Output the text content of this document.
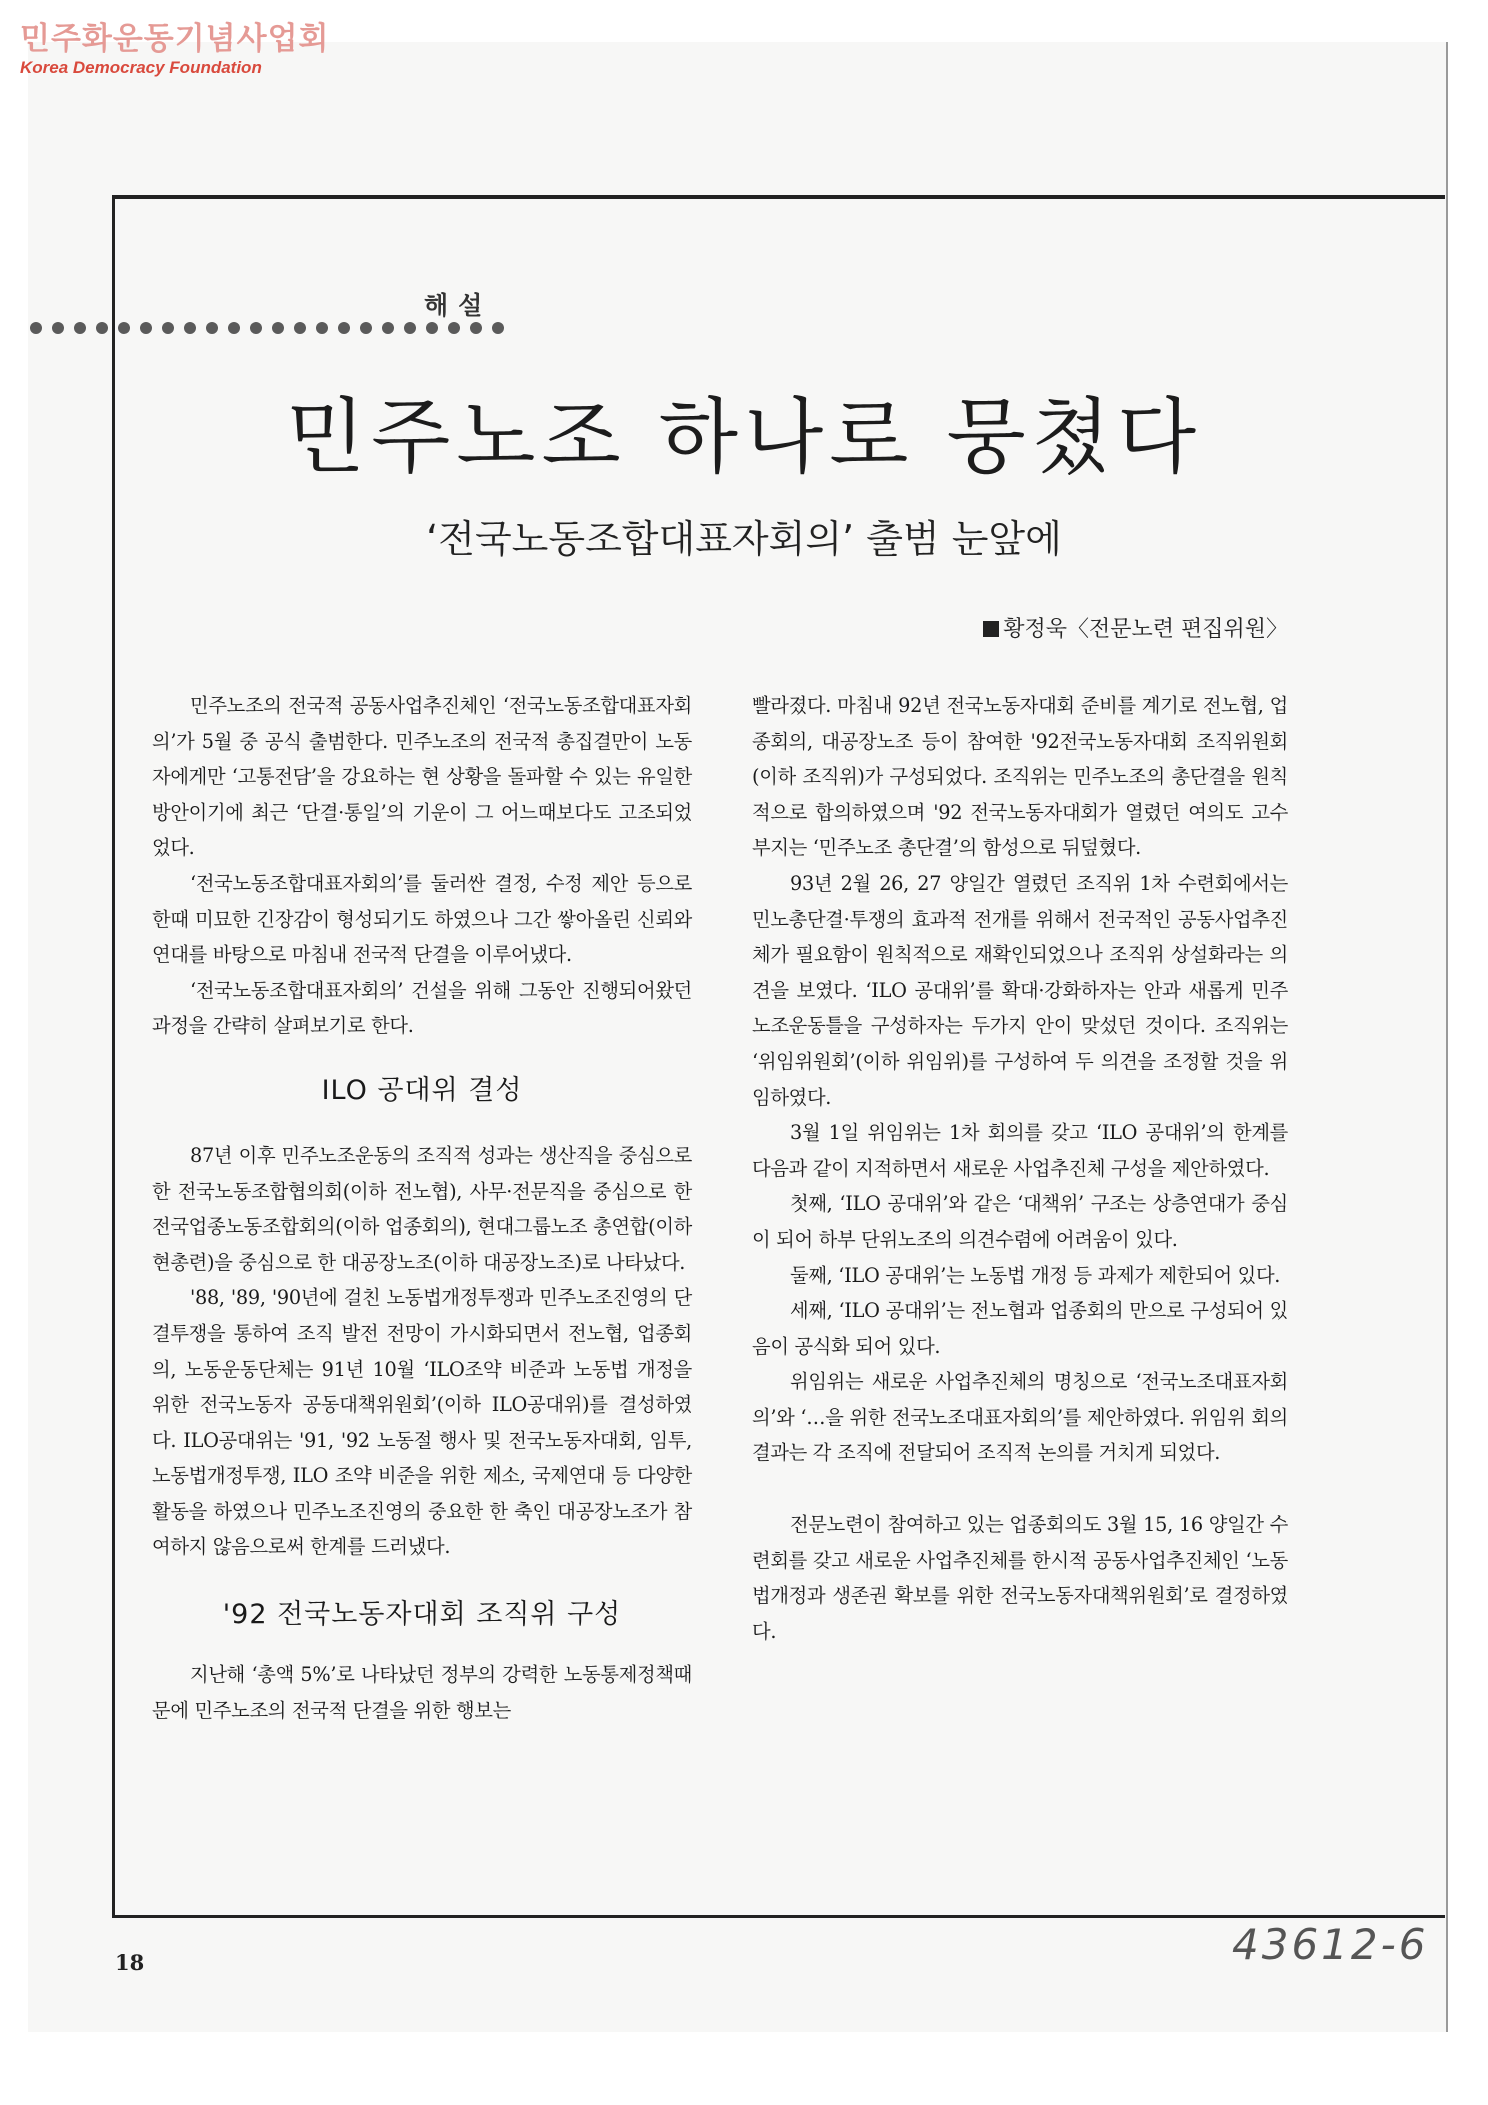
민주화운동기념사업회
Korea Democracy Foundation
해설
민주노조 하나로 뭉쳤다
‘전국노동조합대표자회의’ 출범 눈앞에
황정욱〈전문노련 편집위원〉

민주노조의 전국적 공동사업추진체인 ‘전국노동조합대표자회의’가 5월 중 공식 출범한다. 민주노조의 전국적 총집결만이 노동자에게만 ‘고통전담’을 강요하는 현 상황을 돌파할 수 있는 유일한 방안이기에 최근 ‘단결·통일’의 기운이 그 어느때보다도 고조되었었다.

‘전국노동조합대표자회의’를 둘러싼 결정, 수정 제안 등으로 한때 미묘한 긴장감이 형성되기도 하였으나 그간 쌓아올린 신뢰와 연대를 바탕으로 마침내 전국적 단결을 이루어냈다.

‘전국노동조합대표자회의’ 건설을 위해 그동안 진행되어왔던 과정을 간략히 살펴보기로 한다.

ILO 공대위 결성

87년 이후 민주노조운동의 조직적 성과는 생산직을 중심으로 한 전국노동조합협의회(이하 전노협), 사무·전문직을 중심으로 한 전국업종노동조합회의(이하 업종회의), 현대그룹노조 총연합(이하 현총련)을 중심으로 한 대공장노조(이하 대공장노조)로 나타났다.

'88, '89, '90년에 걸친 노동법개정투쟁과 민주노조진영의 단결투쟁을 통하여 조직 발전 전망이 가시화되면서 전노협, 업종회의, 노동운동단체는 91년 10월 ‘ILO조약 비준과 노동법 개정을 위한 전국노동자 공동대책위원회’(이하 ILO공대위)를 결성하였다. ILO공대위는 '91, '92 노동절 행사 및 전국노동자대회, 임투, 노동법개정투쟁, ILO 조약 비준을 위한 제소, 국제연대 등 다양한 활동을 하였으나 민주노조진영의 중요한 한 축인 대공장노조가 참여하지 않음으로써 한계를 드러냈다.

'92 전국노동자대회 조직위 구성

지난해 ‘총액 5%’로 나타났던 정부의 강력한 노동통제정책때문에 민주노조의 전국적 단결을 위한 행보는

빨라졌다. 마침내 92년 전국노동자대회 준비를 계기로 전노협, 업종회의, 대공장노조 등이 참여한 '92전국노동자대회 조직위원회(이하 조직위)가 구성되었다. 조직위는 민주노조의 총단결을 원칙적으로 합의하였으며 '92 전국노동자대회가 열렸던 여의도 고수부지는 ‘민주노조 총단결’의 함성으로 뒤덮혔다.

93년 2월 26, 27 양일간 열렸던 조직위 1차 수련회에서는 민노총단결·투쟁의 효과적 전개를 위해서 전국적인 공동사업추진체가 필요함이 원칙적으로 재확인되었으나 조직위 상설화라는 의견을 보였다. ‘ILO 공대위’를 확대·강화하자는 안과 새롭게 민주노조운동틀을 구성하자는 두가지 안이 맞섰던 것이다. 조직위는 ‘위임위원회’(이하 위임위)를 구성하여 두 의견을 조정할 것을 위임하였다.

3월 1일 위임위는 1차 회의를 갖고 ‘ILO 공대위’의 한계를 다음과 같이 지적하면서 새로운 사업추진체 구성을 제안하였다.

첫째, ‘ILO 공대위’와 같은 ‘대책위’ 구조는 상층연대가 중심이 되어 하부 단위노조의 의견수렴에 어려움이 있다.

둘째, ‘ILO 공대위’는 노동법 개정 등 과제가 제한되어 있다.

세째, ‘ILO 공대위’는 전노협과 업종회의 만으로 구성되어 있음이 공식화 되어 있다.

위임위는 새로운 사업추진체의 명칭으로 ‘전국노조대표자회의’와 ‘…을 위한 전국노조대표자회의’를 제안하였다. 위임위 회의 결과는 각 조직에 전달되어 조직적 논의를 거치게 되었다.

전문노련이 참여하고 있는 업종회의도 3월 15, 16 양일간 수련회를 갖고 새로운 사업추진체를 한시적 공동사업추진체인 ‘노동법개정과 생존권 확보를 위한 전국노동자대책위원회’로 결정하였다.

18	43612-6
